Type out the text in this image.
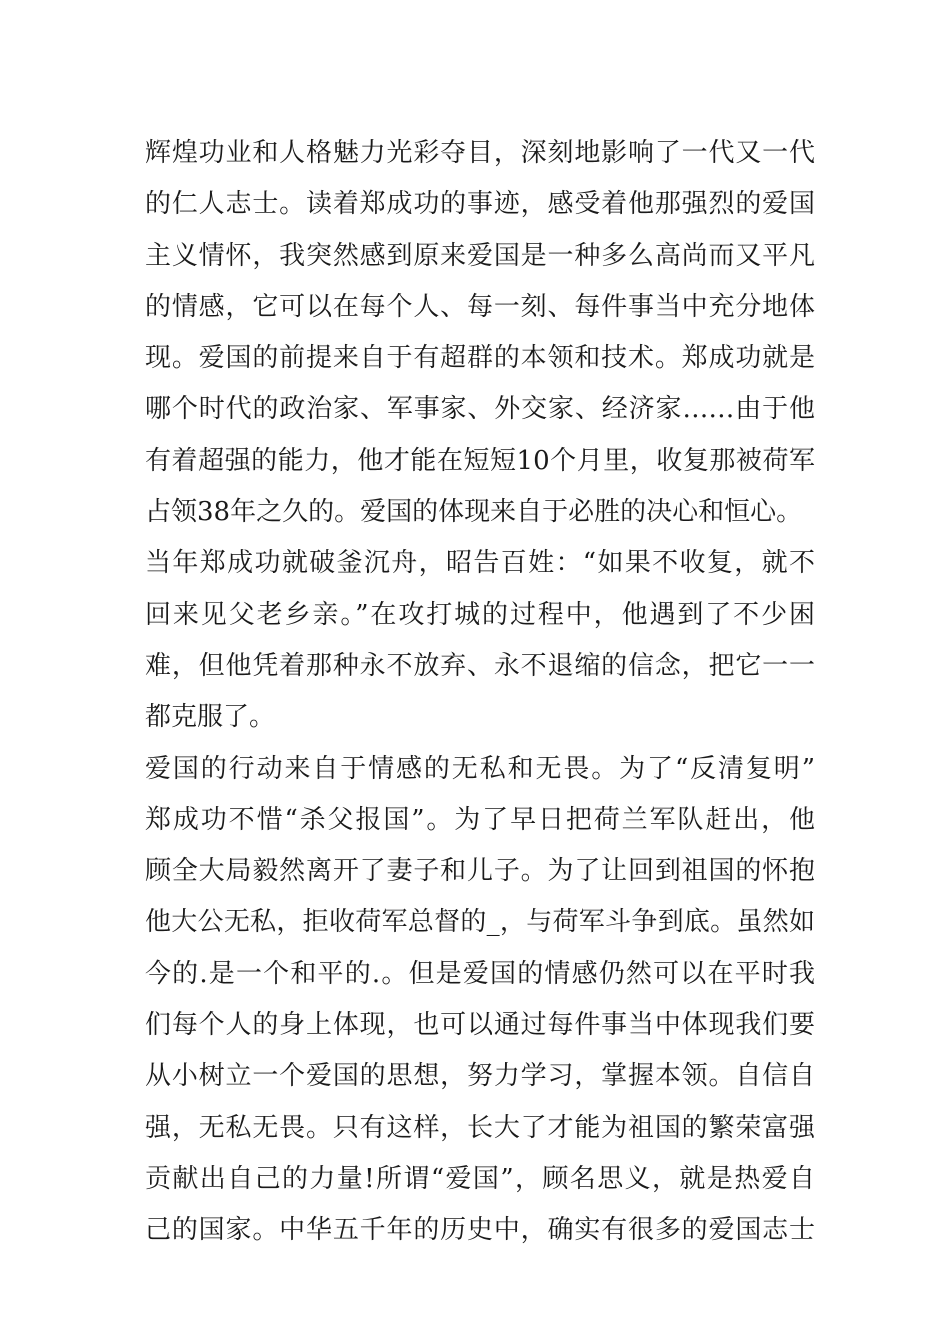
辉煌功业和人格魅力光彩夺目，深刻地影响了一代又一代
的仁人志士。读着郑成功的事迹，感受着他那强烈的爱国
主义情怀，我突然感到原来爱国是一种多么高尚而又平凡
的情感，它可以在每个人、每一刻、每件事当中充分地体
现。爱国的前提来自于有超群的本领和技术。郑成功就是
哪个时代的政治家、军事家、外交家、经济家……由于他
有着超强的能力，他才能在短短10个月里，收复那被荷军
占领38年之久的。爱国的体现来自于必胜的决心和恒心。
当年郑成功就破釜沉舟，昭告百姓：“如果不收复，就不
回来见父老乡亲。”在攻打城的过程中，他遇到了不少困
难，但他凭着那种永不放弃、永不退缩的信念，把它一一
都克服了。
爱国的行动来自于情感的无私和无畏。为了“反清复明”
郑成功不惜“杀父报国”。为了早日把荷兰军队赶出，他
顾全大局毅然离开了妻子和儿子。为了让回到祖国的怀抱
他大公无私，拒收荷军总督的_，与荷军斗争到底。虽然如
今的.是一个和平的.。但是爱国的情感仍然可以在平时我
们每个人的身上体现，也可以通过每件事当中体现我们要
从小树立一个爱国的思想，努力学习，掌握本领。自信自
强，无私无畏。只有这样，长大了才能为祖国的繁荣富强
贡献出自己的力量!所谓“爱国”，顾名思义，就是热爱自
己的国家。中华五千年的历史中，确实有很多的爱国志士
